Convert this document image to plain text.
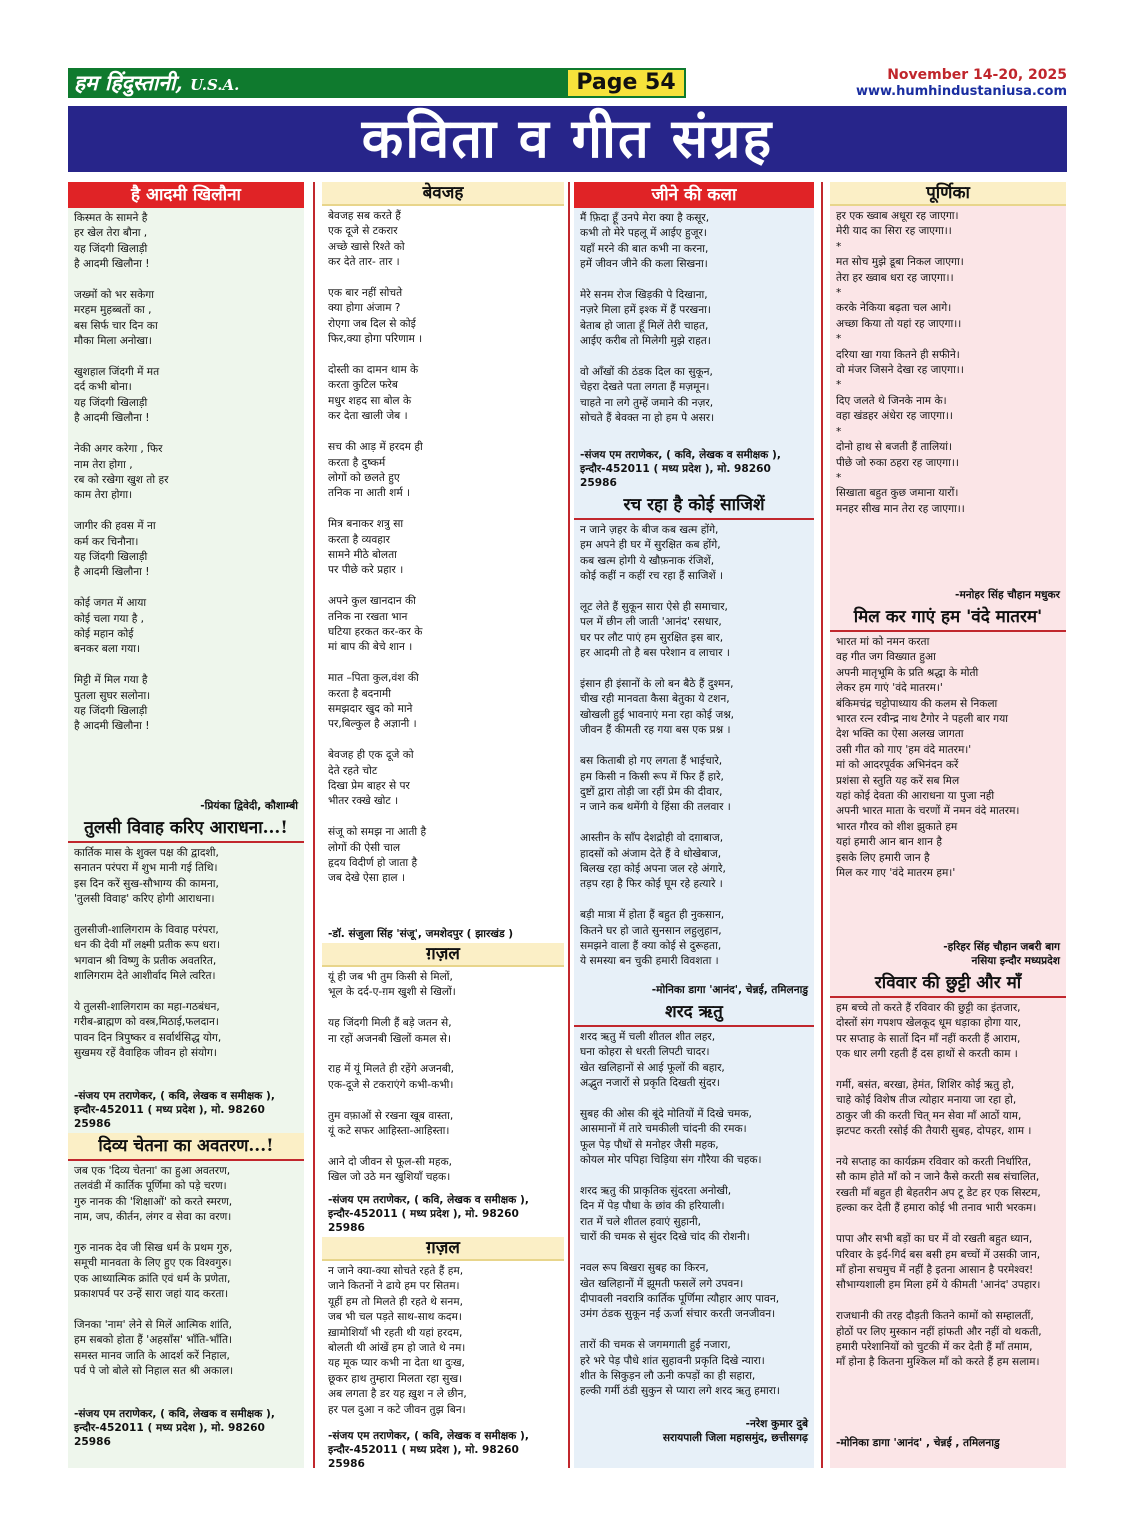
हम हिंदुस्तानी, U.S.A.	Page 54	November 14-20, 2025
www.humhindustaniusa.com
कविता व गीत संग्रह
है आदमी खिलौना
किस्मत के सामने है
हर खेल तेरा बौना ,
यह जिंदगी खिलाड़ी
है आदमी खिलौना !

जख्मों को भर सकेगा
मरहम मुहब्बतों का ,
बस सिर्फ चार दिन का
मौका मिला अनोखा।

खुशहाल जिंदगी में मत
दर्द कभी बोना।
यह जिंदगी खिलाड़ी
है आदमी खिलौना !

नेकी अगर करेगा , फिर
नाम तेरा होगा ,
रब को रखेगा खुश तो हर
काम तेरा होगा।

जागीर की हवस में ना
कर्म कर चिनौना।
यह जिंदगी खिलाड़ी
है आदमी खिलौना !

कोई जगत में आया
कोई चला गया है ,
कोई महान कोई
बनकर बला गया।

मिट्टी में मिल गया है
पुतला सुघर सलोना।
यह जिंदगी खिलाड़ी
है आदमी खिलौना !
-प्रियंका द्विवेदी, कौशाम्बी
तुलसी विवाह करिए आराधना...!
कार्तिक मास के शुक्ल पक्ष की द्वादशी,
सनातन परंपरा में शुभ मानी गई तिथि।
इस दिन करें सुख-सौभाग्य की कामना,
'तुलसी विवाह' करिए होगी आराधना।

तुलसीजी-शालिगराम के विवाह परंपरा,
धन की देवी माँ लक्ष्मी प्रतीक रूप धरा।
भगवान श्री विष्णु के प्रतीक अवतरित,
शालिगराम देते आशीर्वाद मिले त्वरित।

ये तुलसी-शालिगराम का महा-गठबंधन,
गरीब-ब्राह्मण को वस्त्र,मिठाई,फलदान।
पावन दिन त्रिपुष्कर व सर्वार्थसिद्ध योग,
सुखमय रहें वैवाहिक जीवन हो संयोग।
-संजय एम तराणेकर, ( कवि, लेखक व समीक्षक ),
इन्दौर-452011 ( मध्य प्रदेश ), मो. 98260 25986
दिव्य चेतना का अवतरण...!
जब एक 'दिव्य चेतना' का हुआ अवतरण,
तलवंडी में कार्तिक पूर्णिमा को पड़े चरण।
गुरु नानक की 'शिक्षाओं' को करते स्मरण,
नाम, जप, कीर्तन, लंगर व सेवा का वरण।

गुरु नानक देव जी सिख धर्म के प्रथम गुरु,
समूची मानवता के लिए हुए एक विश्वगुरु।
एक आध्यात्मिक क्रांति एवं धर्म के प्रणेता,
प्रकाशपर्व पर उन्हें सारा जहां याद करता।

जिनका 'नाम' लेने से मिलें आत्मिक शांति,
हम सबको होता हैं 'अहसाँस' भाँति-भाँति।
समस्त मानव जाति के आदर्श करें निहाल,
पर्व पे जो बोले सो निहाल सत श्री अकाल।
-संजय एम तराणेकर, ( कवि, लेखक व समीक्षक ),
इन्दौर-452011 ( मध्य प्रदेश ), मो. 98260 25986
बेवजह
बेवजह सब करते हैं
एक दूजे से टकरार
अच्छे खासे रिश्ते को
कर देते तार- तार ।

एक बार नहीं सोचते
क्या होगा अंजाम ?
रोएगा जब दिल से कोई
फिर,क्या होगा परिणाम ।

दोस्ती का दामन थाम के
करता कुटिल फरेब
मधुर शहद सा बोल के
कर देता खाली जेब ।

सच की आड़ में हरदम ही
करता है दुष्कर्म
लोगों को छलते हुए
तनिक ना आती शर्म ।

मित्र बनाकर शत्रु सा
करता है व्यवहार
सामने मीठे बोलता
पर पीछे करे प्रहार ।

अपने कुल खानदान की
तनिक ना रखता भान
घटिया हरकत कर-कर के
मां बाप की बेचे शान ।

मात –पिता कुल,वंश की
करता है बदनामी
समझदार खुद को माने
पर,बिल्कुल है अज्ञानी ।

बेवजह ही एक दूजे को
देते रहते चोट
दिखा प्रेम बाहर से पर
भीतर रक्खे खोट ।

संजू को समझ ना आती है
लोगों की ऐसी चाल
हृदय विदीर्ण हो जाता है
जब देखे ऐसा हाल ।
-डॉ. संजुला सिंह 'संजू', जमशेदपुर ( झारखंड )
ग़ज़ल
यूं ही जब भी तुम किसी से मिलों,
भूल के दर्द-ए-ग़म खुशी से खिलों।

यह जिंदगी मिली हैं बड़े जतन से,
ना रहों अजनबी खिलों कमल से।

राह में यूं मिलते ही रहेंगे अजनबी,
एक-दूजे से टकराएंगे कभी-कभी।

तुम वफ़ाओं से रखना खूब वास्ता,
यूं कटे सफर आहिस्ता-आहिस्ता।

आने दो जीवन से फूल-सी महक,
खिल जो उठे मन खुशियाँ चहक।
-संजय एम तराणेकर, ( कवि, लेखक व समीक्षक ),
इन्दौर-452011 ( मध्य प्रदेश ), मो. 98260 25986
ग़ज़ल
न जाने क्या-क्या सोचते रहते हैं हम,
जाने कितनों ने ढाये हम पर सितम।
यूहीं हम तो मिलते ही रहते थे सनम,
जब भी चल पड़ते साथ-साथ कदम।
ख़ामोशियाँ भी रहती थी यहां हरदम,
बोलती थी आंखें हम हो जाते थे नम।
यह मूक प्यार कभी ना देता था दुःख,
छूकर हाथ तुम्हारा मिलता रहा सुख।
अब लगता है डर यह ख़ुश न ले छीन,
हर पल दुआ न कटे जीवन तुझ बिन।
-संजय एम तराणेकर, ( कवि, लेखक व समीक्षक ),
इन्दौर-452011 ( मध्य प्रदेश ), मो. 98260 25986
जीने की कला
मैं फ़िदा हूँ उनपे मेरा क्या है कसूर,
कभी तो मेरे पहलू में आईए हुजूर।
यहाँ मरने की बात कभी ना करना,
हमें जीवन जीने की कला सिखना।

मेरे सनम रोज खिड़की पे दिखाना,
नज़रे मिला हमें इश्क में हैं परखना।
बेताब हो जाता हूँ मिलें तेरी चाहत,
आईए करीब तो मिलेगी मुझे राहत।

वो आँखों की ठंडक दिल का सुकून,
चेहरा देखते पता लगता हैं मज़मून।
चाहते ना लगे तुम्हें जमाने की नज़र,
सोचते हैं बेवक्त ना हो हम पे असर।
-संजय एम तराणेकर, ( कवि, लेखक व समीक्षक ),
इन्दौर-452011 ( मध्य प्रदेश ), मो. 98260 25986
रच रहा है कोई साजिशें
न जाने ज़हर के बीज कब खत्म होंगे,
हम अपने ही घर में सुरक्षित कब होंगे,
कब खत्म होगी ये खौफ़नाक रंजिशें,
कोई कहीं न कहीं रच रहा हैं साजिशें ।

लूट लेते हैं सुकून सारा ऐसे ही समाचार,
पल में छीन ली जाती 'आनंद' रसधार,
घर पर लौट पाएं हम सुरक्षित इस बार,
हर आदमी तो है बस परेशान व लाचार ।

इंसान ही इंसानों के लो बन बैठे हैं दुश्मन,
चीख रही मानवता कैसा बेतुका ये टशन,
खोखली हुई भावनाएं मना रहा कोई जश्न,
जीवन हैं कीमती रह गया बस एक प्रश्न ।

बस किताबी हो गए लगता हैं भाईचारे,
हम किसी न किसी रूप में फिर हैं हारे,
दुष्टों द्वारा तोड़ी जा रहीं प्रेम की दीवार,
न जाने कब थमेंगी ये हिंसा की तलवार ।

आस्तीन के साँप देशद्रोही वो दग़ाबाज,
हादसों को अंजाम देते हैं वे धोखेबाज,
बिलख रहा कोई अपना जल रहे अंगारे,
तड़प रहा है फिर कोई घूम रहे हत्यारे ।

बड़ी मात्रा में होता हैं बहुत ही नुकसान,
कितने घर हो जाते सुनसान लहुलुहान,
समझने वाला हैं क्या कोई से दुरूहता,
ये समस्या बन चुकी हमारी विवशता ।
-मोनिका डागा 'आनंद', चेन्नई, तमिलनाडु
शरद ऋतु
शरद ऋतु में चली शीतल शीत लहर,
घना कोहरा से धरती लिपटी चादर।
खेत खलिहानों से आई फूलों की बहार,
अद्भुत नजारों से प्रकृति दिखती सुंदर।

सुबह की ओस की बूंदे मोतियों में दिखे चमक,
आसमानों में तारे चमकीली चांदनी की रमक।
फूल पेड़ पौधों से मनोहर जैसी महक,
कोयल मोर पपिहा चिड़िया संग गौरैया की चहक।

शरद ऋतु की प्राकृतिक सुंदरता अनोखी,
दिन में पेड़ पौधा के छांव की हरियाली।
रात में चले शीतल हवाएं सुहानी,
चारों की चमक से सुंदर दिखे चांद की रोशनी।

नवल रूप बिखरा सुबह का किरन,
खेत खलिहानों में झूमती फसलें लगे उपवन।
दीपावली नवरात्रि कार्तिक पूर्णिमा त्यौहार आए पावन,
उमंग ठंडक सुकून नई ऊर्जा संचार करती जनजीवन।

तारों की चमक से जगमगाती हुई नजारा,
हरे भरे पेड़ पौधे शांत सुहावनी प्रकृति दिखे न्यारा।
शीत के सिकुड़न लौ ऊनी कपड़ों का ही सहारा,
हल्की गर्मी ठंडी सुकुन से प्यारा लगे शरद ऋतु हमारा।
-नरेश कुमार दुबे
सरायपाली जिला महासमुंद, छत्तीसगढ़
पूर्णिका
हर एक ख्वाब अधूरा रह जाएगा।
मेरी याद का सिरा रह जाएगा।।
*
मत सोच मुझे डूबा निकल जाएगा।
तेरा हर ख्वाब धरा रह जाएगा।।
*
करके नेकिया बढ़ता चल आगे।
अच्छा किया तो यहां रह जाएगा।।
*
दरिया खा गया कितने ही सफीने।
वो मंजर जिसने देखा रह जाएगा।।
*
दिए जलते थे जिनके नाम के।
वहा खंडहर अंधेरा रह जाएगा।।
*
दोनो हाथ से बजती हैं तालियां।
पीछे जो रुका ठहरा रह जाएगा।।
*
सिखाता बहुत कुछ जमाना यारों।
मनहर सीख मान तेरा रह जाएगा।।
-मनोहर सिंह चौहान मधुकर
मिल कर गाएं हम 'वंदे मातरम'
भारत मां को नमन करता
वह गीत जग विख्यात हुआ
अपनी मातृभूमि के प्रति श्रद्धा के मोती
लेकर हम गाएं 'वंदे मातरम।'
बंकिमचंद्र चट्टोपाध्याय की कलम से निकला
भारत रत्न रवीन्द्र नाथ टैगोर ने पहली बार गया
देश भक्ति का ऐसा अलख जागता
उसी गीत को गाए 'हम वंदे मातरम।'
मां को आदरपूर्वक अभिनंदन करें
प्रशंसा से स्तुति यह करें सब मिल
यहां कोई देवता की आराधना या पुजा नही
अपनी भारत माता के चरणों में नमन वंदे मातरम।
भारत गौरव को शीश झुकाते हम
यहां हमारी आन बान शान है
इसके लिए हमारी जान है
मिल कर गाए 'वंदे मातरम हम।'
-हरिहर सिंह चौहान जबरी बाग
नसिया इन्दौर मध्यप्रदेश
रविवार की छुट्टी और माँ
हम बच्चे तो करते हैं रविवार की छुट्टी का इंतजार,
दोस्तों संग गपशप खेलकूद धूम धड़ाका होगा यार,
पर सप्ताह के सातों दिन माँ नहीं करती हैं आराम,
एक धार लगी रहती हैं दस हाथों से करती काम ।

गर्मी, बसंत, बरखा, हेमंत, शिशिर कोई ऋतु हो,
चाहे कोई विशेष तीज त्योहार मनाया जा रहा हो,
ठाकुर जी की करती चित् मन सेवा माँ आठों याम,
झटपट करती रसोई की तैयारी सुबह, दोपहर, शाम ।

नये सप्ताह का कार्यक्रम रविवार को करती निर्धारित,
सौ काम होते माँ को न जाने कैसे करती सब संचालित,
रखती माँ बहुत ही बेहतरीन अप टू डेट हर एक सिस्टम,
हल्का कर देती हैं हमारा कोई भी तनाव भारी भरकम।

पापा और सभी बड़ों का घर में वो रखती बहुत ध्यान,
परिवार के इर्द-गिर्द बस बसी हम बच्चों में उसकी जान,
माँ होना सचमुच में नहीं है इतना आसान है परमेश्वर!
सौभाग्यशाली हम मिला हमें ये कीमती 'आनंद' उपहार।

राजधानी की तरह दौड़ती कितने कामों को सम्हालतीं,
होठों पर लिए मुस्कान नहीं हांफती और नहीं वो थकती,
हमारी परेशानियों को चुटकी में कर देती हैं माँ तमाम,
माँ होना है कितना मुश्किल माँ को करते हैं हम सलाम।
-मोनिका डागा 'आनंद' , चेन्नई , तमिलनाडु
